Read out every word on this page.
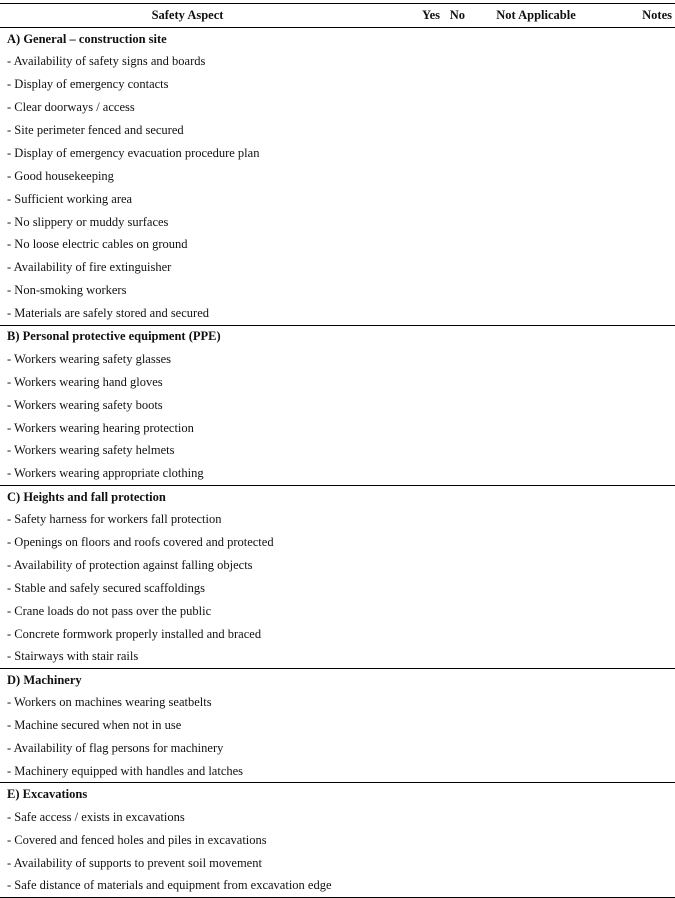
Safety Aspect	Yes	No	Not Applicable	Notes
A) General – construction site				
- Availability of safety signs and boards				
- Display of emergency contacts				
- Clear doorways / access				
- Site perimeter fenced and secured				
- Display of emergency evacuation procedure plan				
- Good housekeeping				
- Sufficient working area				
- No slippery or muddy surfaces				
- No loose electric cables on ground				
- Availability of fire extinguisher				
- Non-smoking workers				
- Materials are safely stored and secured				
B) Personal protective equipment (PPE)				
- Workers wearing safety glasses				
- Workers wearing hand gloves				
- Workers wearing safety boots				
- Workers wearing hearing protection				
- Workers wearing safety helmets				
- Workers wearing appropriate clothing				
C) Heights and fall protection				
- Safety harness for workers fall protection				
- Openings on floors and roofs covered and protected				
- Availability of protection against falling objects				
- Stable and safely secured scaffoldings				
- Crane loads do not pass over the public				
- Concrete formwork properly installed and braced				
- Stairways with stair rails				
D) Machinery				
- Workers on machines wearing seatbelts				
- Machine secured when not in use				
- Availability of flag persons for machinery				
- Machinery equipped with handles and latches				
E) Excavations				
- Safe access / exists in excavations				
- Covered and fenced holes and piles in excavations				
- Availability of supports to prevent soil movement				
- Safe distance of materials and equipment from excavation edge				
